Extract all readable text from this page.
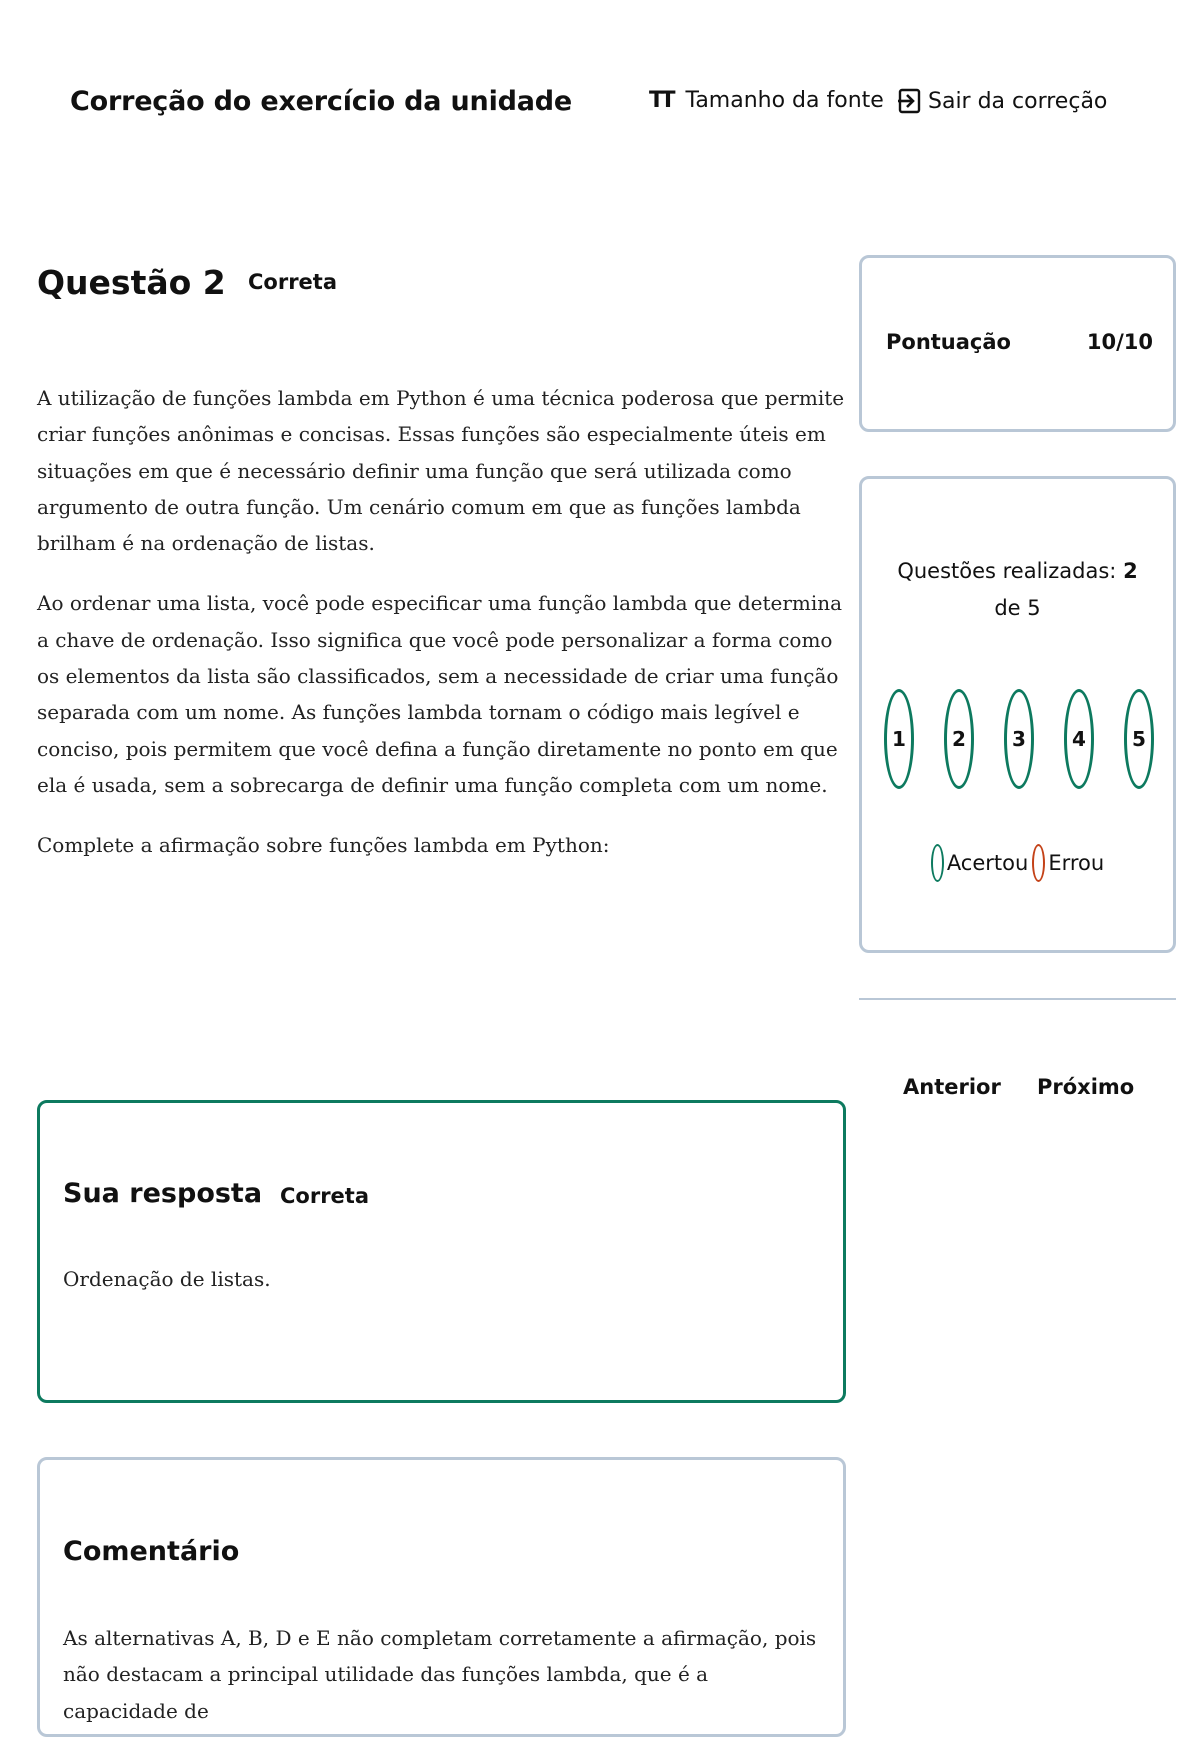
Correção do exercício da unidade	TT Tamanho da fonte Sair da correção
Questão 2 Correta

A utilização de funções lambda em Python é uma técnica poderosa que permite criar funções anônimas e concisas. Essas funções são especialmente úteis em situações em que é necessário definir uma função que será utilizada como argumento de outra função. Um cenário comum em que as funções lambda brilham é na ordenação de listas.

Ao ordenar uma lista, você pode especificar uma função lambda que determina a chave de ordenação. Isso significa que você pode personalizar a forma como os elementos da lista são classificados, sem a necessidade de criar uma função separada com um nome. As funções lambda tornam o código mais legível e conciso, pois permitem que você defina a função diretamente no ponto em que ela é usada, sem a sobrecarga de definir uma função completa com um nome.

Complete a afirmação sobre funções lambda em Python:

Pontuação	10/10
Questões realizadas: 2
de 5
1	2	3	4	5
Acertou Errou
Anterior Próximo
Sua resposta Correta
Ordenação de listas.
Comentário
As alternativas A, B, D e E não completam corretamente a afirmação, pois não destacam a principal utilidade das funções lambda, que é a capacidade de
